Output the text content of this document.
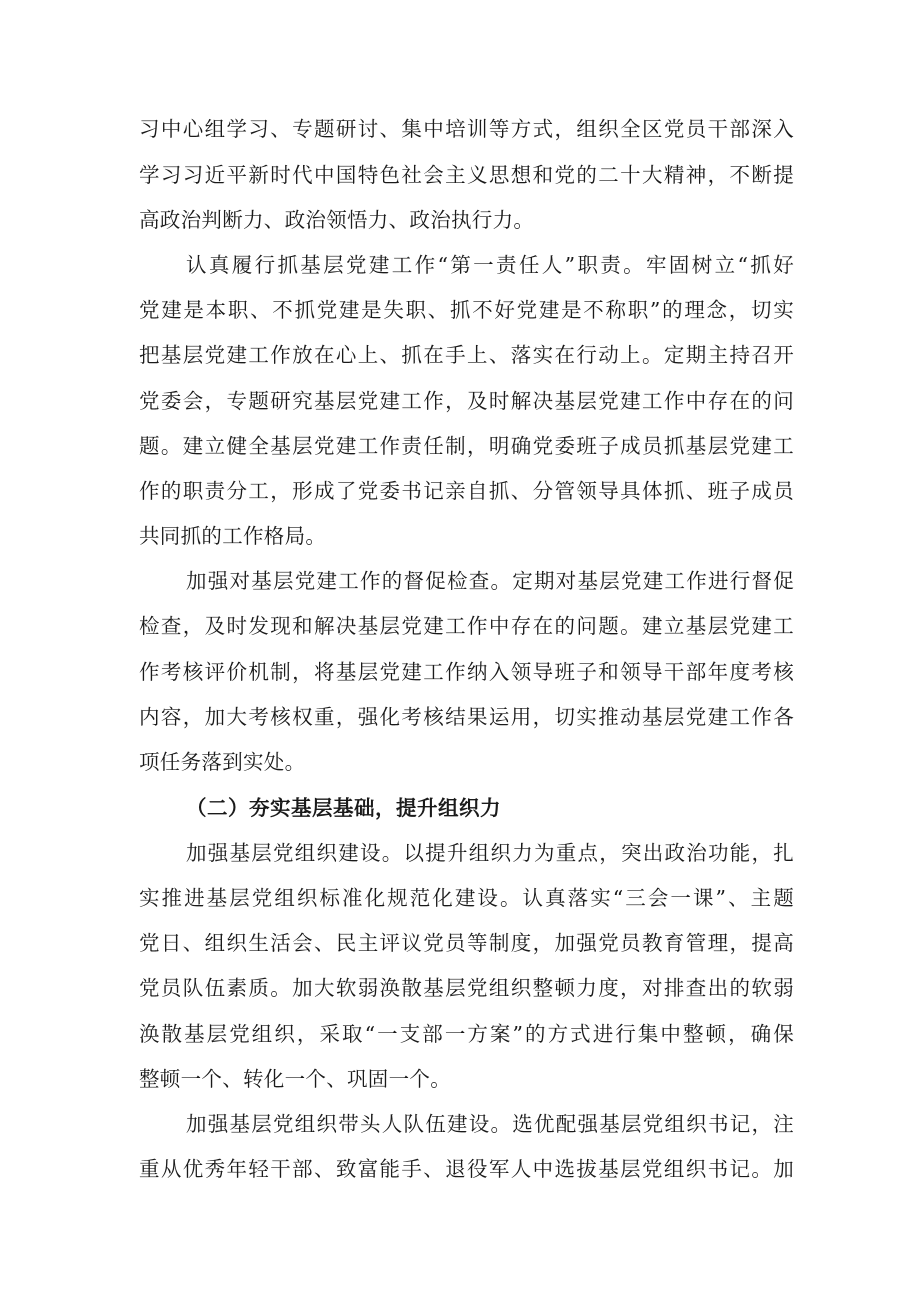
习中心组学习、专题研讨、集中培训等方式，组织全区党员干部深入
学习习近平新时代中国特色社会主义思想和党的二十大精神，不断提
高政治判断力、政治领悟力、政治执行力。
认真履行抓基层党建工作“第一责任人”职责。牢固树立“抓好
党建是本职、不抓党建是失职、抓不好党建是不称职”的理念，切实
把基层党建工作放在心上、抓在手上、落实在行动上。定期主持召开
党委会，专题研究基层党建工作，及时解决基层党建工作中存在的问
题。建立健全基层党建工作责任制，明确党委班子成员抓基层党建工
作的职责分工，形成了党委书记亲自抓、分管领导具体抓、班子成员
共同抓的工作格局。
加强对基层党建工作的督促检查。定期对基层党建工作进行督促
检查，及时发现和解决基层党建工作中存在的问题。建立基层党建工
作考核评价机制，将基层党建工作纳入领导班子和领导干部年度考核
内容，加大考核权重，强化考核结果运用，切实推动基层党建工作各
项任务落到实处。
（二）夯实基层基础，提升组织力
加强基层党组织建设。以提升组织力为重点，突出政治功能，扎
实推进基层党组织标准化规范化建设。认真落实“三会一课”、主题
党日、组织生活会、民主评议党员等制度，加强党员教育管理，提高
党员队伍素质。加大软弱涣散基层党组织整顿力度，对排查出的软弱
涣散基层党组织，采取“一支部一方案”的方式进行集中整顿，确保
整顿一个、转化一个、巩固一个。
加强基层党组织带头人队伍建设。选优配强基层党组织书记，注
重从优秀年轻干部、致富能手、退役军人中选拔基层党组织书记。加
